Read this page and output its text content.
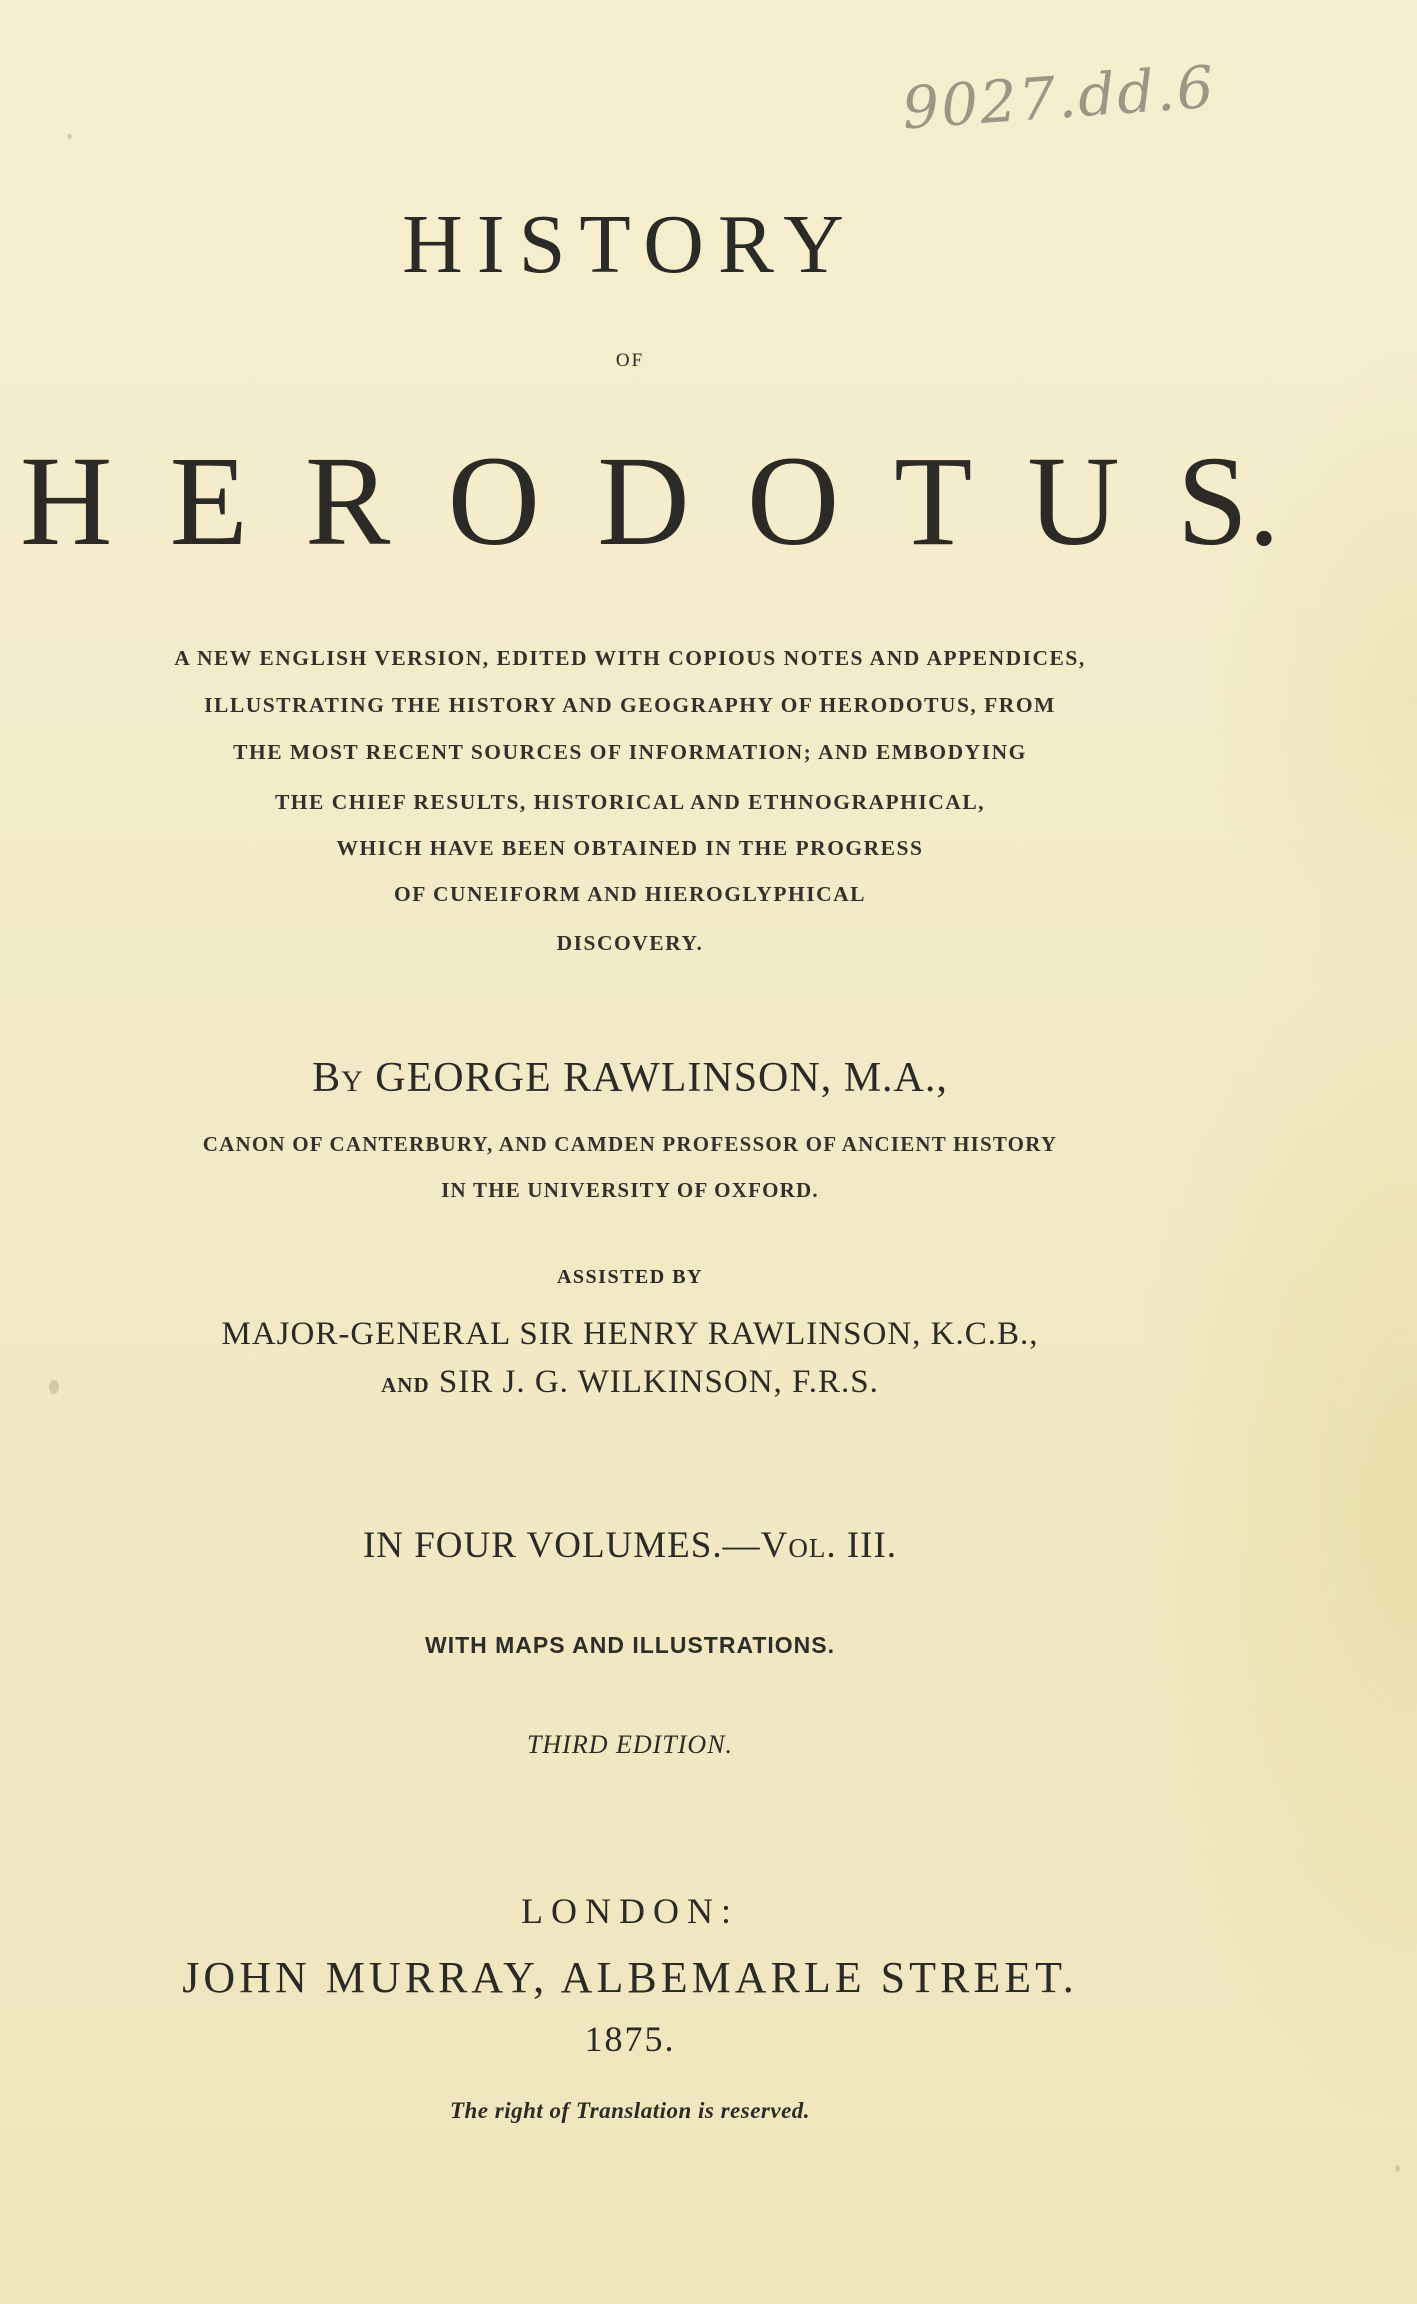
9027.dd.6
HISTORY
OF
H E R O D O T U S.
A NEW ENGLISH VERSION, EDITED WITH COPIOUS NOTES AND APPENDICES,
ILLUSTRATING THE HISTORY AND GEOGRAPHY OF HERODOTUS, FROM
THE MOST RECENT SOURCES OF INFORMATION; AND EMBODYING
THE CHIEF RESULTS, HISTORICAL AND ETHNOGRAPHICAL,
WHICH HAVE BEEN OBTAINED IN THE PROGRESS
OF CUNEIFORM AND HIEROGLYPHICAL
DISCOVERY.
BY GEORGE RAWLINSON, M.A.,
CANON OF CANTERBURY, AND CAMDEN PROFESSOR OF ANCIENT HISTORY
IN THE UNIVERSITY OF OXFORD.
ASSISTED BY
MAJOR-GENERAL SIR HENRY RAWLINSON, K.C.B.,
AND SIR J. G. WILKINSON, F.R.S.
IN FOUR VOLUMES.—VOL. III.
WITH MAPS AND ILLUSTRATIONS.
THIRD EDITION.
LONDON:
JOHN MURRAY, ALBEMARLE STREET.
1875.
The right of Translation is reserved.
